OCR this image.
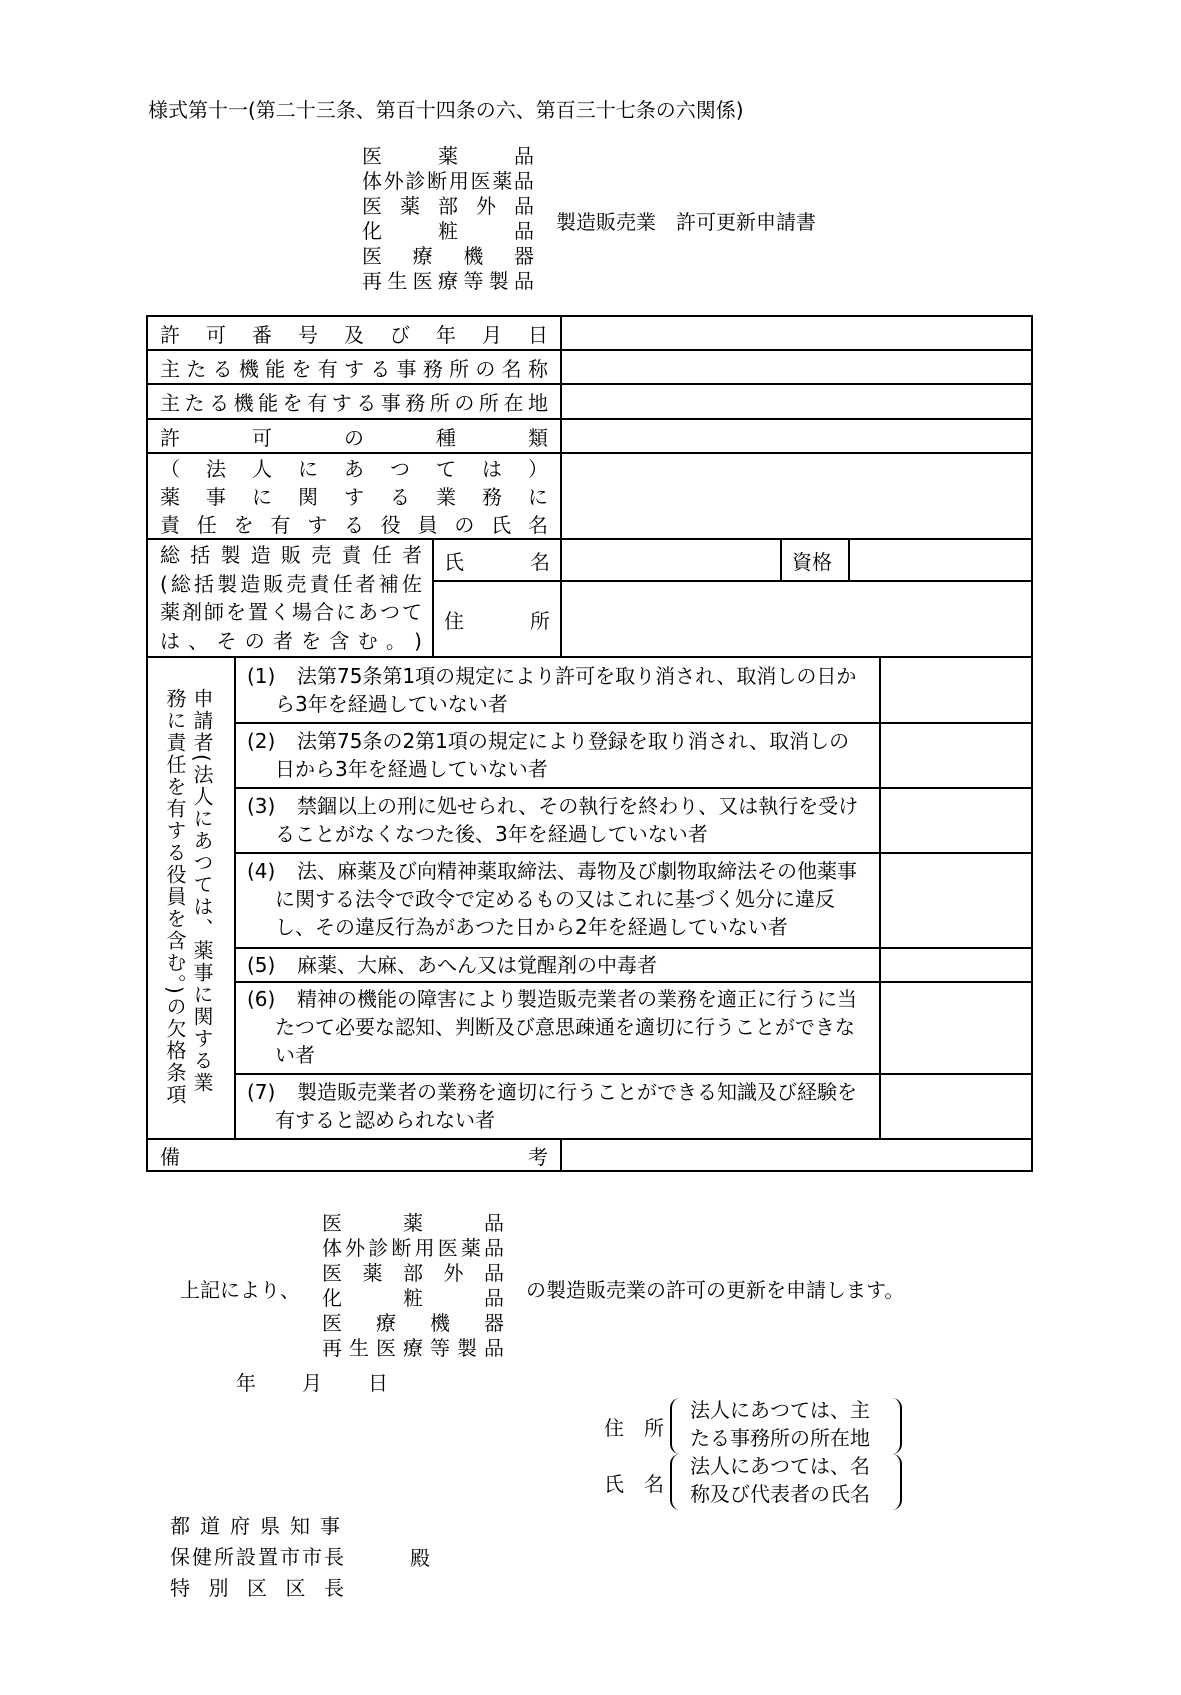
様式第十一(第二十三条、第百十四条の六、第百三十七条の六関係)
医	薬	品
体 外 診 断 用 医 薬 品
医 薬 部 外 品
化	粧	品
医 療 機 器
再 生 医 療 等 製 品
製造販売業　許可更新申請書
許 可 番 号 及 び 年 月 日
主 た る 機 能 を 有 す る 事 務 所 の 名 称
主 た る 機 能 を 有 す る 事 務 所 の 所 在 地
許	可	の	種	類
（ 法 人 に あ つ て は ）
薬 事 に 関 す る 業 務 に
責 任 を 有 す る 役 員 の 氏 名
総 括 製 造 販 売 責 任 者
( 総 括 製 造 販 売 責 任 者 補 佐
薬 剤 師 を 置 く 場 合 に あ つ て
は 、 そ の 者 を 含 む 。 )
氏	名	資格
住	所
申請者(法人にあつては、薬事に関する業
務に責任を有する役員を含む。)の欠格条項
(1)	法第75条第1項の規定により許可を取り消され、取消しの日から3年を経過していない者
(2)	法第75条の2第1項の規定により登録を取り消され、取消しの日から3年を経過していない者
(3)	禁錮以上の刑に処せられ、その執行を終わり、又は執行を受けることがなくなつた後、3年を経過していない者
(4)	法、麻薬及び向精神薬取締法、毒物及び劇物取締法その他薬事に関する法令で政令で定めるもの又はこれに基づく処分に違反し、その違反行為があつた日から2年を経過していない者
(5)	麻薬、大麻、あへん又は覚醒剤の中毒者
(6)	精神の機能の障害により製造販売業者の業務を適正に行うに当たつて必要な認知、判断及び意思疎通を適切に行うことができない者
(7)	製造販売業者の業務を適切に行うことができる知識及び経験を有すると認められない者
備	考
上記により、
医	薬	品
体 外 診 断 用 医 薬 品
医 薬 部 外 品
化	粧	品
医 療 機 器
再 生 医 療 等 製 品
の製造販売業の許可の更新を申請します。
年 月 日
住　所
法人にあつては、主
たる事務所の所在地
氏　名
法人にあつては、名
称及び代表者の氏名
都 道 府 県 知 事
保 健 所 設 置 市 市 長
特 別 区 区 長
殿
